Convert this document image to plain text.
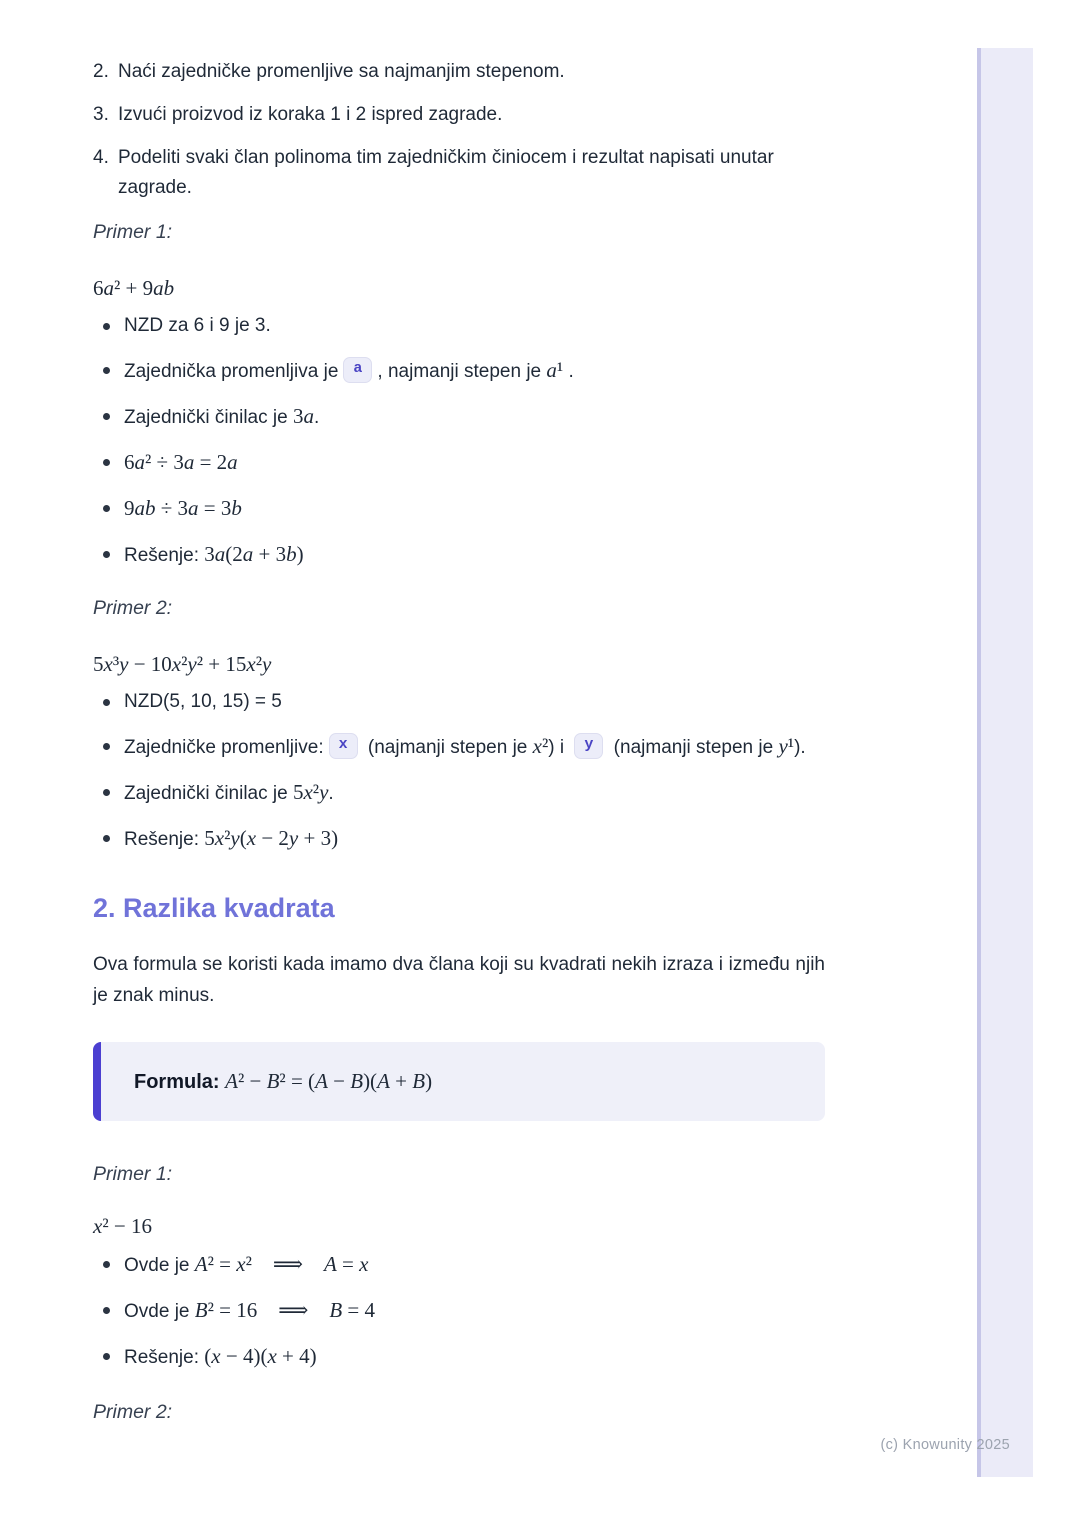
2. Naći zajedničke promenljive sa najmanjim stepenom.
3. Izvući proizvod iz koraka 1 i 2 ispred zagrade.
4. Podeliti svaki član polinoma tim zajedničkim činiocem i rezultat napisati unutar zagrade.
Primer 1:
6a² + 9ab
NZD za 6 i 9 je 3.
Zajednička promenljiva je a , najmanji stepen je a¹ .
Zajednički činilac je 3a.
6a² ÷ 3a = 2a
9ab ÷ 3a = 3b
Rešenje: 3a(2a + 3b)
Primer 2:
5x³y − 10x²y² + 15x²y
NZD(5, 10, 15) = 5
Zajedničke promenljive: x (najmanji stepen je x²) i y (najmanji stepen je y¹).
Zajednički činilac je 5x²y.
Rešenje: 5x²y(x − 2y + 3)
2. Razlika kvadrata
Ova formula se koristi kada imamo dva člana koji su kvadrati nekih izraza i između njih je znak minus.
Formula: A² − B² = (A − B)(A + B)
Primer 1:
x² − 16
Ovde je A² = x²  ⟹  A = x
Ovde je B² = 16  ⟹  B = 4
Rešenje: (x − 4)(x + 4)
Primer 2:
(c) Knowunity 2025
